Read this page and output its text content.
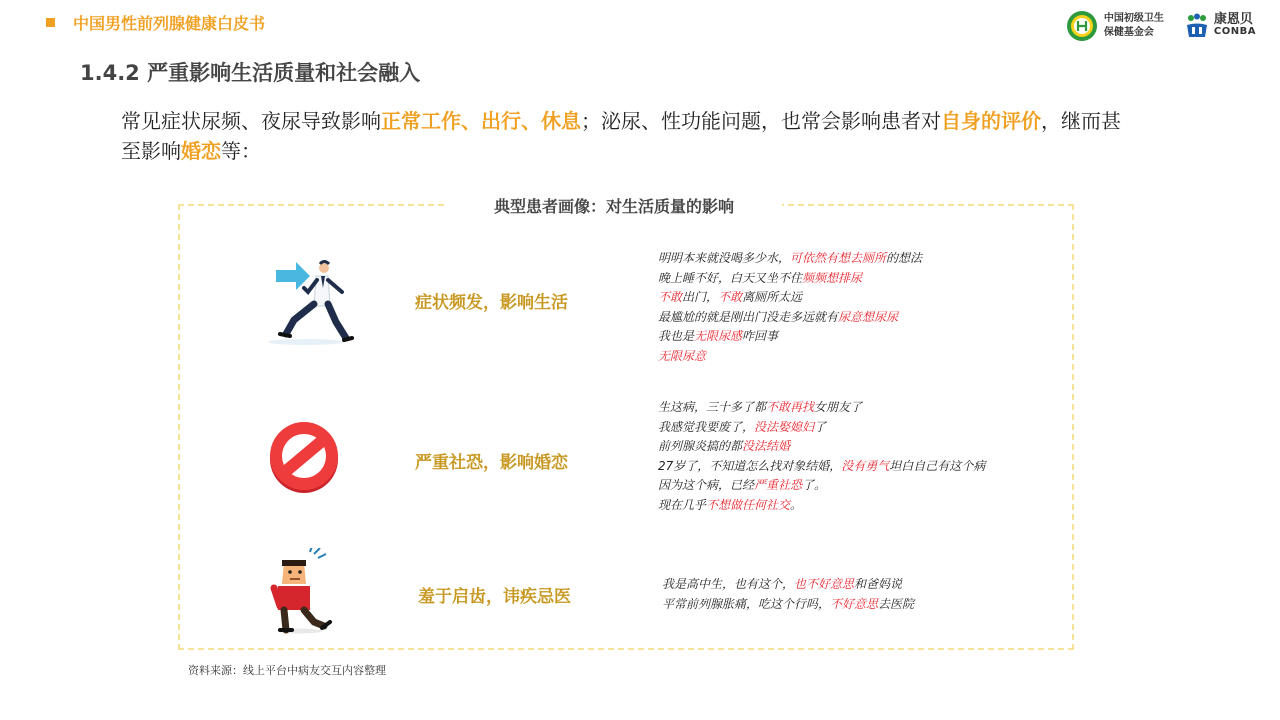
中国男性前列腺健康白皮书	中国初级卫生
保健基金会
康恩贝
CONBA
1.4.2 严重影响生活质量和社会融入
常见症状尿频、夜尿导致影响正常工作、出行、休息；泌尿、性功能问题，也常会影响患者对自身的评价，继而甚至影响婚恋等：
典型患者画像：对生活质量的影响
症状频发，影响生活
明明本来就没喝多少水，可依然有想去厕所的想法
晚上睡不好，白天又坐不住频频想排尿
不敢出门，不敢离厕所太远
最尴尬的就是刚出门没走多远就有尿意想尿尿
我也是无限尿感咋回事
无限尿意
严重社恐，影响婚恋
生这病，三十多了都不敢再找女朋友了
我感觉我要废了，没法娶媳妇了
前列腺炎搞的都没法结婚
27岁了，不知道怎么找对象结婚，没有勇气坦白自己有这个病
因为这个病，已经严重社恐了。
现在几乎不想做任何社交。
羞于启齿，讳疾忌医
我是高中生，也有这个，也不好意思和爸妈说
平常前列腺胀痛，吃这个行吗，不好意思去医院
资料来源：线上平台中病友交互内容整理
